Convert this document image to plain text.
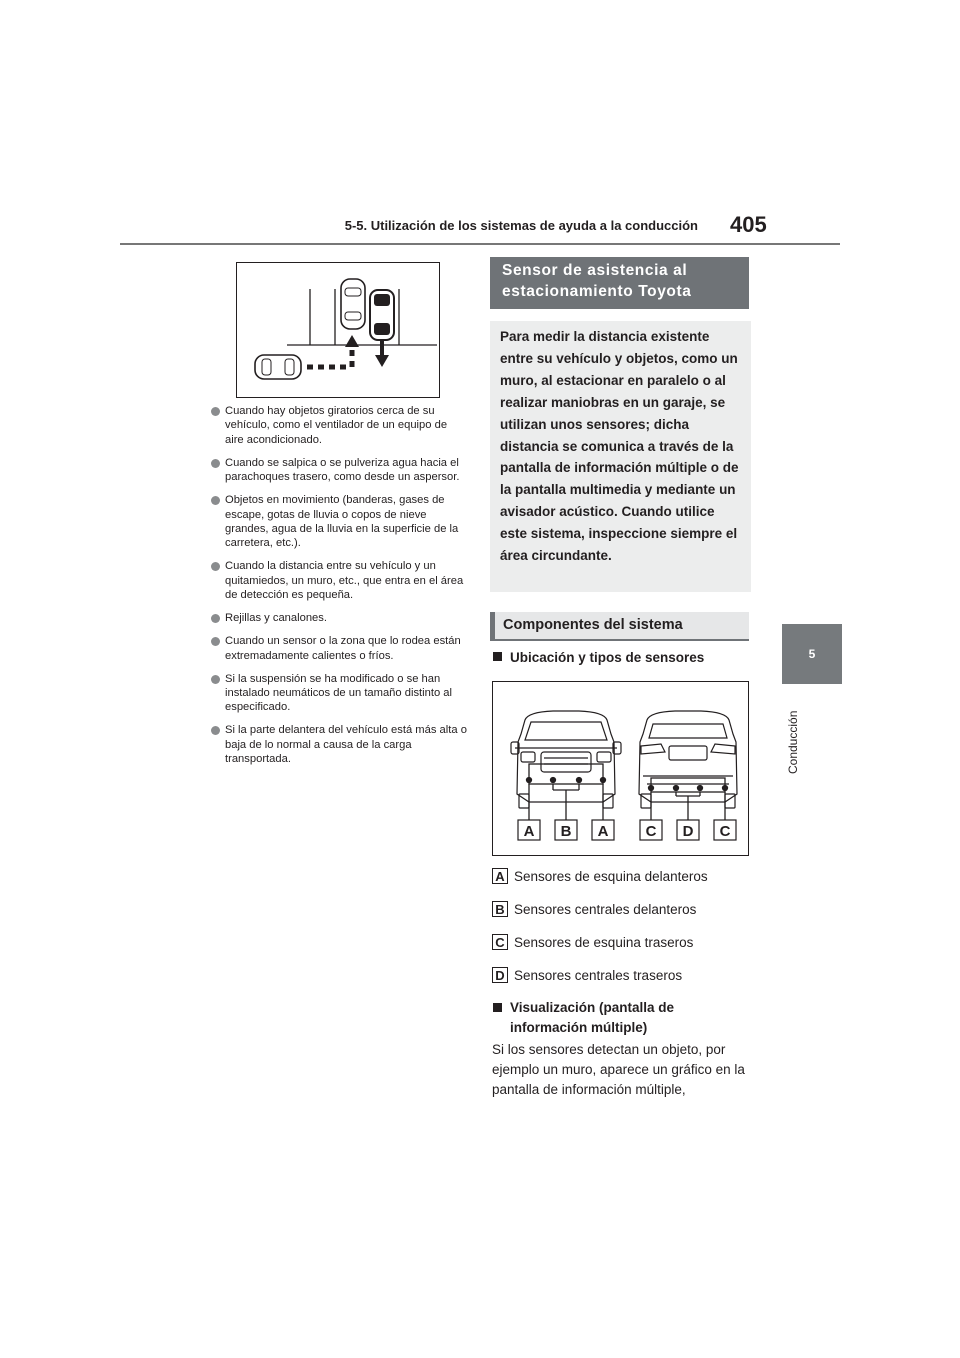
5-5. Utilización de los sistemas de ayuda a la conducción 405
5
Conducción
Cuando hay objetos giratorios cerca de su vehículo, como el ventilador de un equipo de aire acondicionado.
Cuando se salpica o se pulveriza agua hacia el parachoques trasero, como desde un aspersor.
Objetos en movimiento (banderas, gases de escape, gotas de lluvia o copos de nieve grandes, agua de la lluvia en la superficie de la carretera, etc.).
Cuando la distancia entre su vehículo y un quitamiedos, un muro, etc., que entra en el área de detección es pequeña.
Rejillas y canalones.
Cuando un sensor o la zona que lo rodea están extremadamente calientes o fríos.
Si la suspensión se ha modificado o se han instalado neumáticos de un tamaño distinto al especificado.
Si la parte delantera del vehículo está más alta o baja de lo normal a causa de la carga transportada.
Sensor de asistencia al
estacionamiento Toyota
Para medir la distancia existente entre su vehículo y objetos, como un muro, al estacionar en paralelo o al realizar maniobras en un garaje, se utilizan unos sensores; dicha distancia se comunica a través de la pantalla de información múltiple o de la pantalla multimedia y mediante un avisador acústico. Cuando utilice este sistema, inspeccione siempre el área circundante.
Componentes del sistema
Ubicación y tipos de sensores
A B A C D C
A Sensores de esquina delanteros
B Sensores centrales delanteros
C Sensores de esquina traseros
D Sensores centrales traseros
Visualización (pantalla de información múltiple)
Si los sensores detectan un objeto, por ejemplo un muro, aparece un gráfico en la pantalla de información múltiple,
